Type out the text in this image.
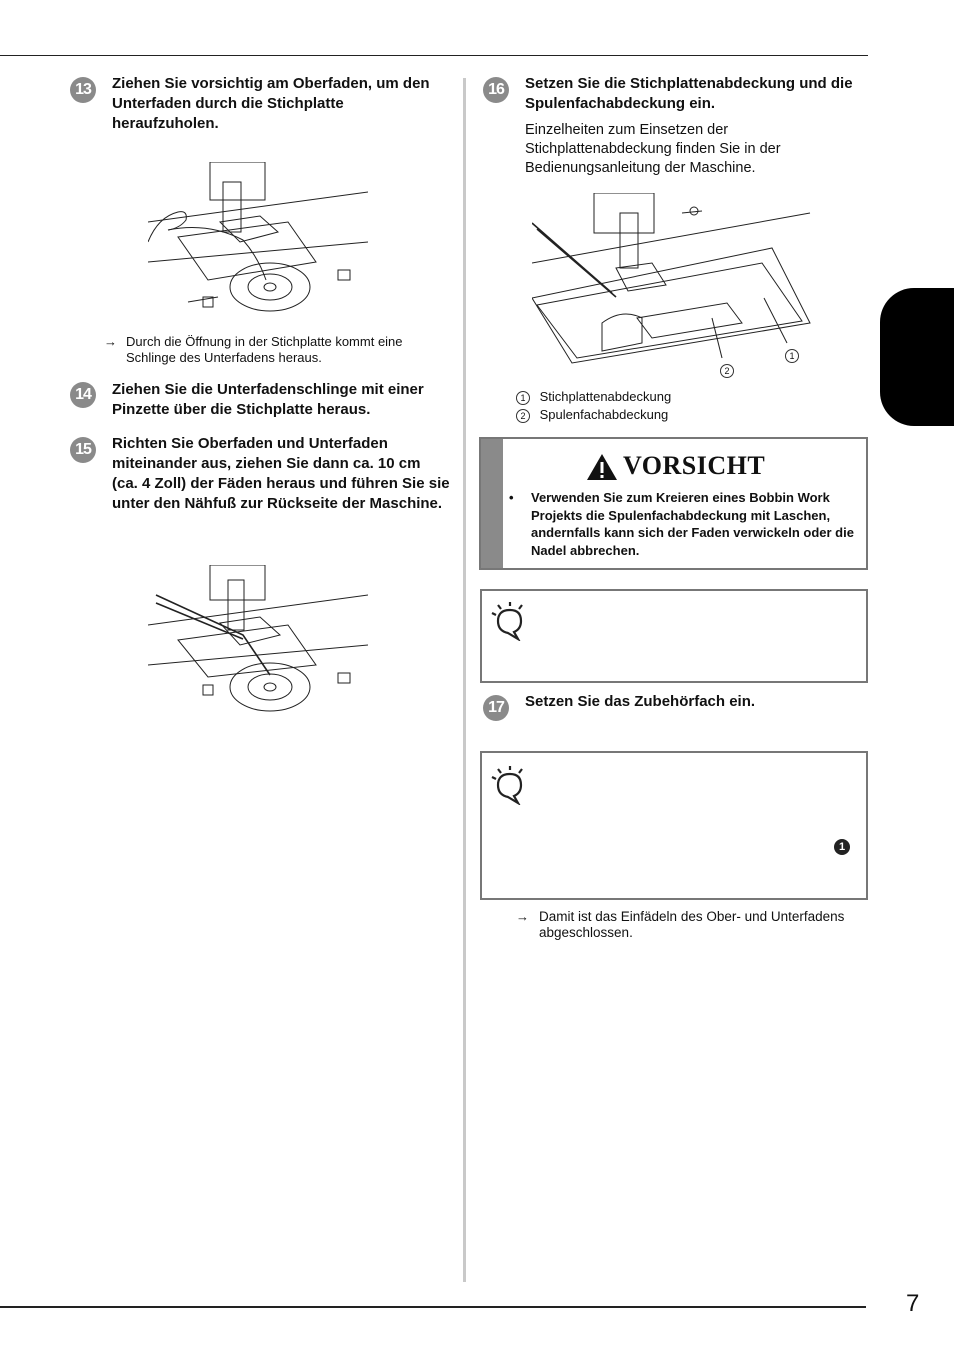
13	Ziehen Sie vorsichtig am Oberfaden, um den Unterfaden durch die Stichplatte heraufzuholen.
→ Durch die Öffnung in der Stichplatte kommt eine Schlinge des Unterfadens heraus.
14	Ziehen Sie die Unterfadenschlinge mit einer Pinzette über die Stichplatte heraus.
15	Richten Sie Oberfaden und Unterfaden miteinander aus, ziehen Sie dann ca. 10 cm (ca. 4 Zoll) der Fäden heraus und führen Sie sie unter den Nähfuß zur Rückseite der Maschine.
16	Setzen Sie die Stichplattenabdeckung und die Spulenfachabdeckung ein.
Einzelheiten zum Einsetzen der Stichplattenabdeckung finden Sie in der Bedienungsanleitung der Maschine.
1
2
1 Stichplattenabdeckung
2 Spulenfachabdeckung
VORSICHT
• Verwenden Sie zum Kreieren eines Bobbin Work Projekts die Spulenfachabdeckung mit Laschen, andernfalls kann sich der Faden verwickeln oder die Nadel abbrechen.
17	Setzen Sie das Zubehörfach ein.
1
→ Damit ist das Einfädeln des Ober- und Unterfadens abgeschlossen.
7
